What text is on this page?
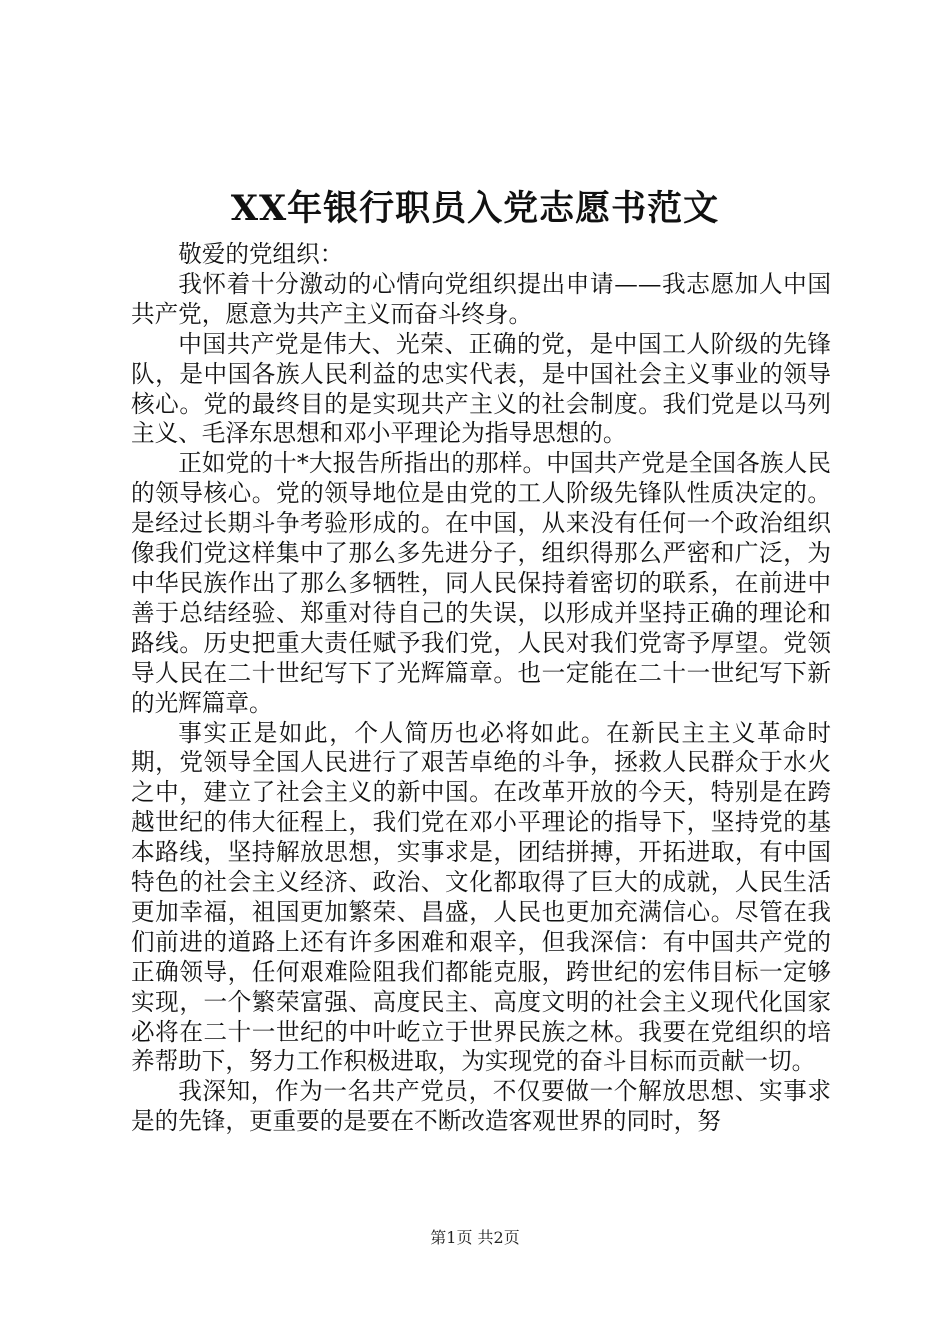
XX年银行职员入党志愿书范文

敬爱的党组织：

我怀着十分激动的心情向党组织提出申请——我志愿加人中国共产党，愿意为共产主义而奋斗终身。

中国共产党是伟大、光荣、正确的党，是中国工人阶级的先锋队，是中国各族人民利益的忠实代表，是中国社会主义事业的领导核心。党的最终目的是实现共产主义的社会制度。我们党是以马列主义、毛泽东思想和邓小平理论为指导思想的。

正如党的十*大报告所指出的那样。中国共产党是全国各族人民的领导核心。党的领导地位是由党的工人阶级先锋队性质决定的。是经过长期斗争考验形成的。在中国，从来没有任何一个政治组织像我们党这样集中了那么多先进分子，组织得那么严密和广泛，为中华民族作出了那么多牺牲，同人民保持着密切的联系，在前进中善于总结经验、郑重对待自己的失误，以形成并坚持正确的理论和路线。历史把重大责任赋予我们党，人民对我们党寄予厚望。党领导人民在二十世纪写下了光辉篇章。也一定能在二十一世纪写下新的光辉篇章。

事实正是如此，个人简历也必将如此。在新民主主义革命时期，党领导全国人民进行了艰苦卓绝的斗争，拯救人民群众于水火之中，建立了社会主义的新中国。在改革开放的今天，特别是在跨越世纪的伟大征程上，我们党在邓小平理论的指导下，坚持党的基本路线，坚持解放思想，实事求是，团结拼搏，开拓进取，有中国特色的社会主义经济、政治、文化都取得了巨大的成就，人民生活更加幸福，祖国更加繁荣、昌盛，人民也更加充满信心。尽管在我们前进的道路上还有许多困难和艰辛，但我深信：有中国共产党的正确领导，任何艰难险阻我们都能克服，跨世纪的宏伟目标一定够实现，一个繁荣富强、高度民主、高度文明的社会主义现代化国家必将在二十一世纪的中叶屹立于世界民族之林。我要在党组织的培养帮助下，努力工作积极进取，为实现党的奋斗目标而贡献一切。

我深知，作为一名共产党员，不仅要做一个解放思想、实事求是的先锋，更重要的是要在不断改造客观世界的同时，努

第1页 共2页
